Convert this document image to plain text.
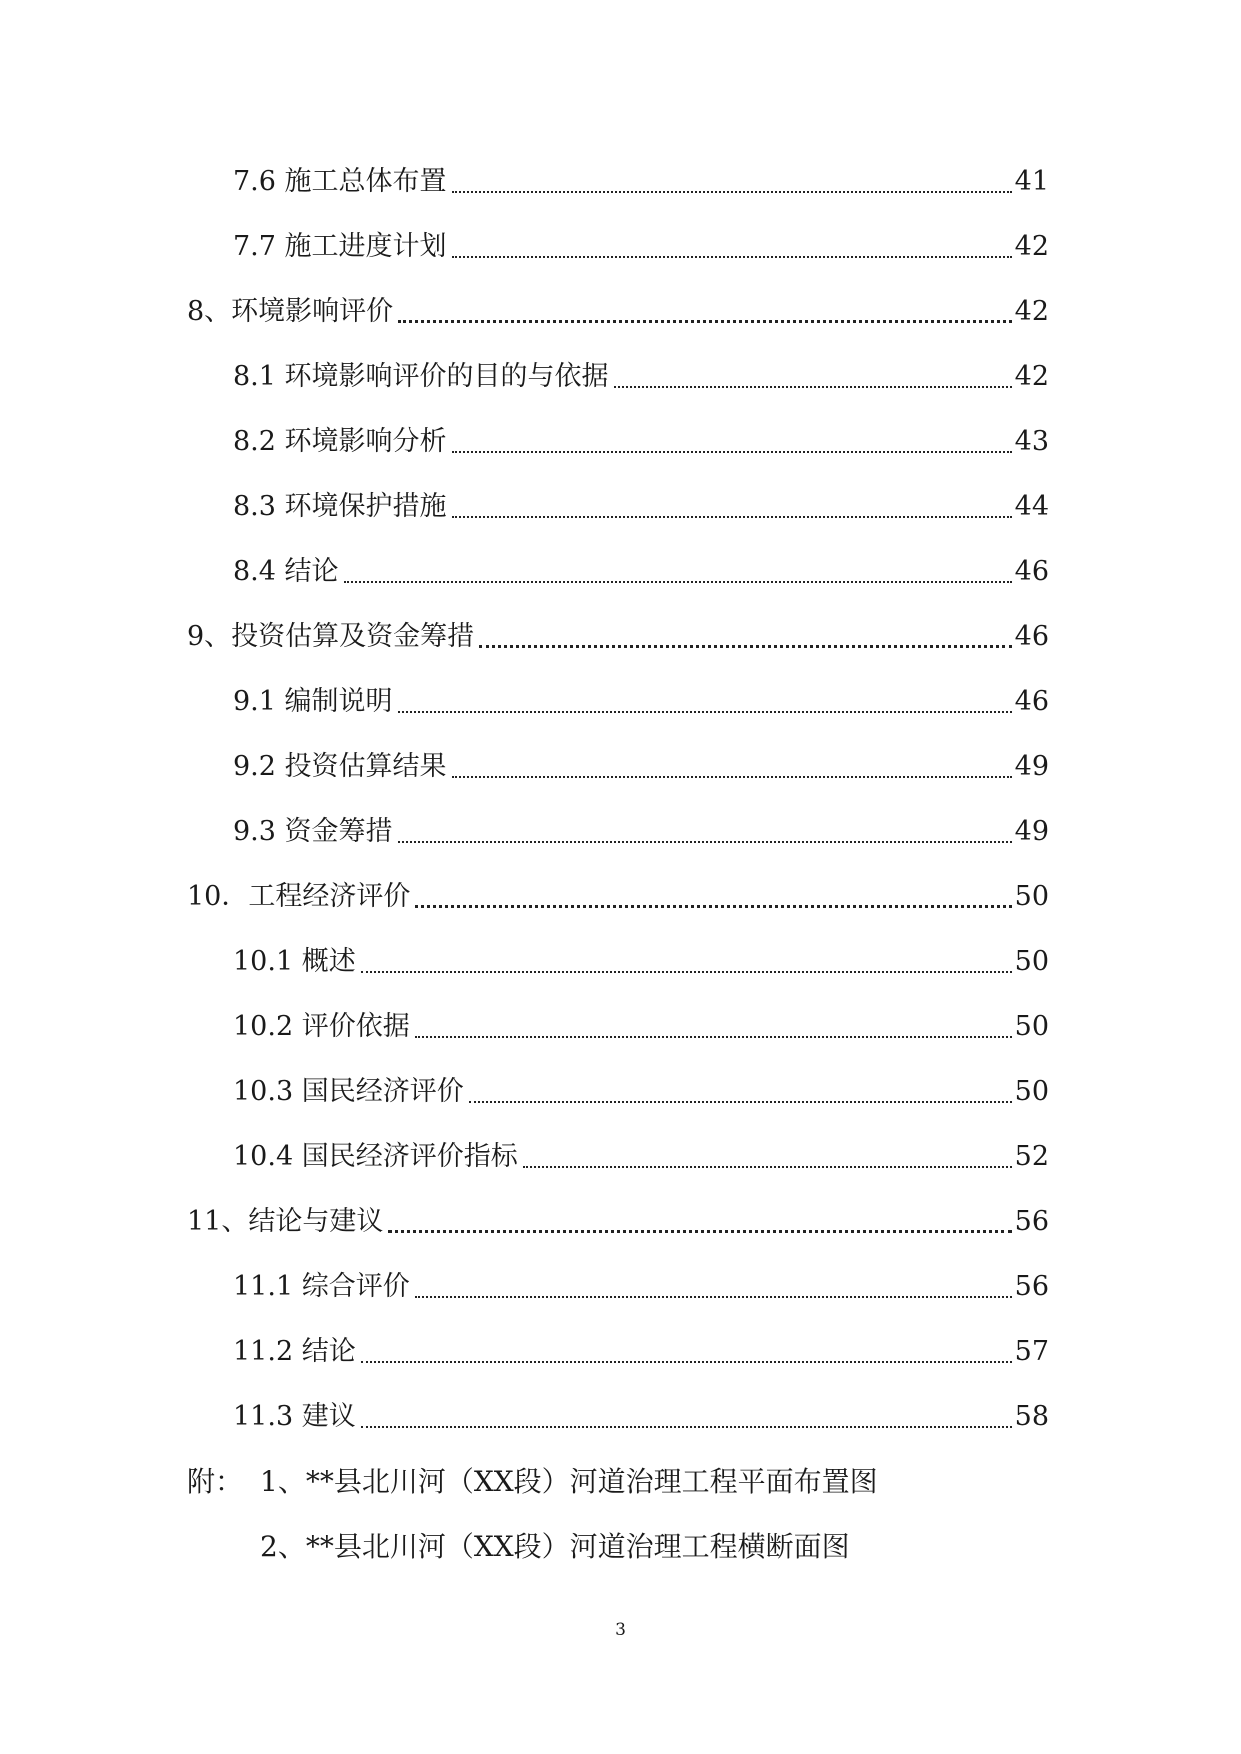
7.6 施工总体布置	41
7.7 施工进度计划	42
8、环境影响评价	42
8.1 环境影响评价的目的与依据	42
8.2 环境影响分析	43
8.3 环境保护措施	44
8.4 结论	46
9、投资估算及资金筹措	46
9.1 编制说明	46
9.2 投资估算结果	49
9.3 资金筹措	49
10．工程经济评价	50
10.1 概述	50
10.2 评价依据	50
10.3 国民经济评价	50
10.4 国民经济评价指标	52
11、结论与建议	56
11.1 综合评价	56
11.2 结论	57
11.3 建议	58
附： 1、**县北川河（XX段）河道治理工程平面布置图
2、**县北川河（XX段）河道治理工程横断面图
3
